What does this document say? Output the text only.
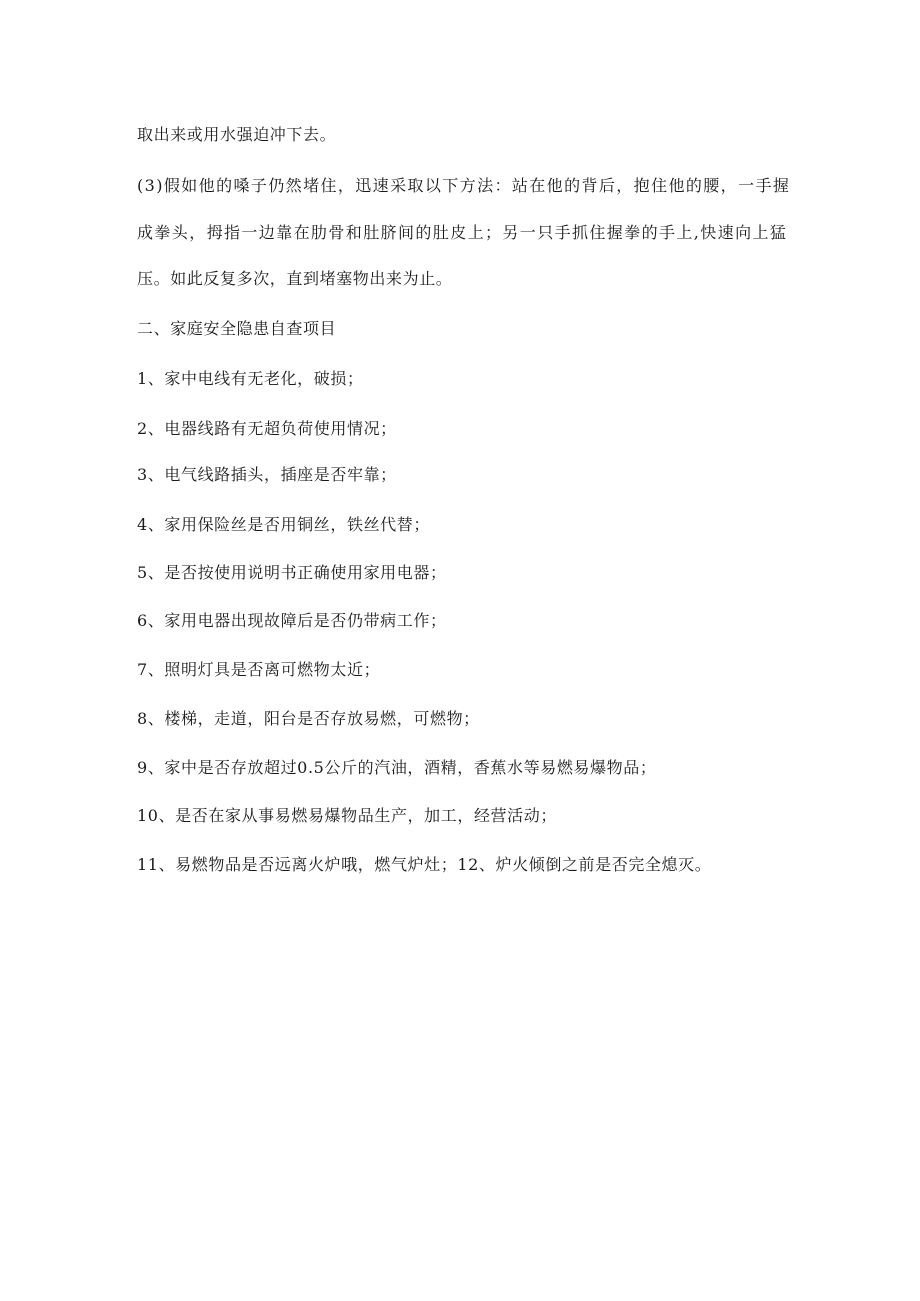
取出来或用水强迫冲下去。
(3)假如他的嗓子仍然堵住，迅速采取以下方法：站在他的背后，抱住他的腰，一手握
成拳头，拇指一边靠在肋骨和肚脐间的肚皮上；另一只手抓住握拳的手上,快速向上猛
压。如此反复多次，直到堵塞物出来为止。
二、家庭安全隐患自查项目
1、家中电线有无老化，破损；
2、电器线路有无超负荷使用情况；
3、电气线路插头，插座是否牢靠；
4、家用保险丝是否用铜丝，铁丝代替；
5、是否按使用说明书正确使用家用电器；
6、家用电器出现故障后是否仍带病工作；
7、照明灯具是否离可燃物太近；
8、楼梯，走道，阳台是否存放易燃，可燃物；
9、家中是否存放超过0.5公斤的汽油，酒精，香蕉水等易燃易爆物品；
10、是否在家从事易燃易爆物品生产，加工，经营活动；
11、易燃物品是否远离火炉哦，燃气炉灶；12、炉火倾倒之前是否完全熄灭。
